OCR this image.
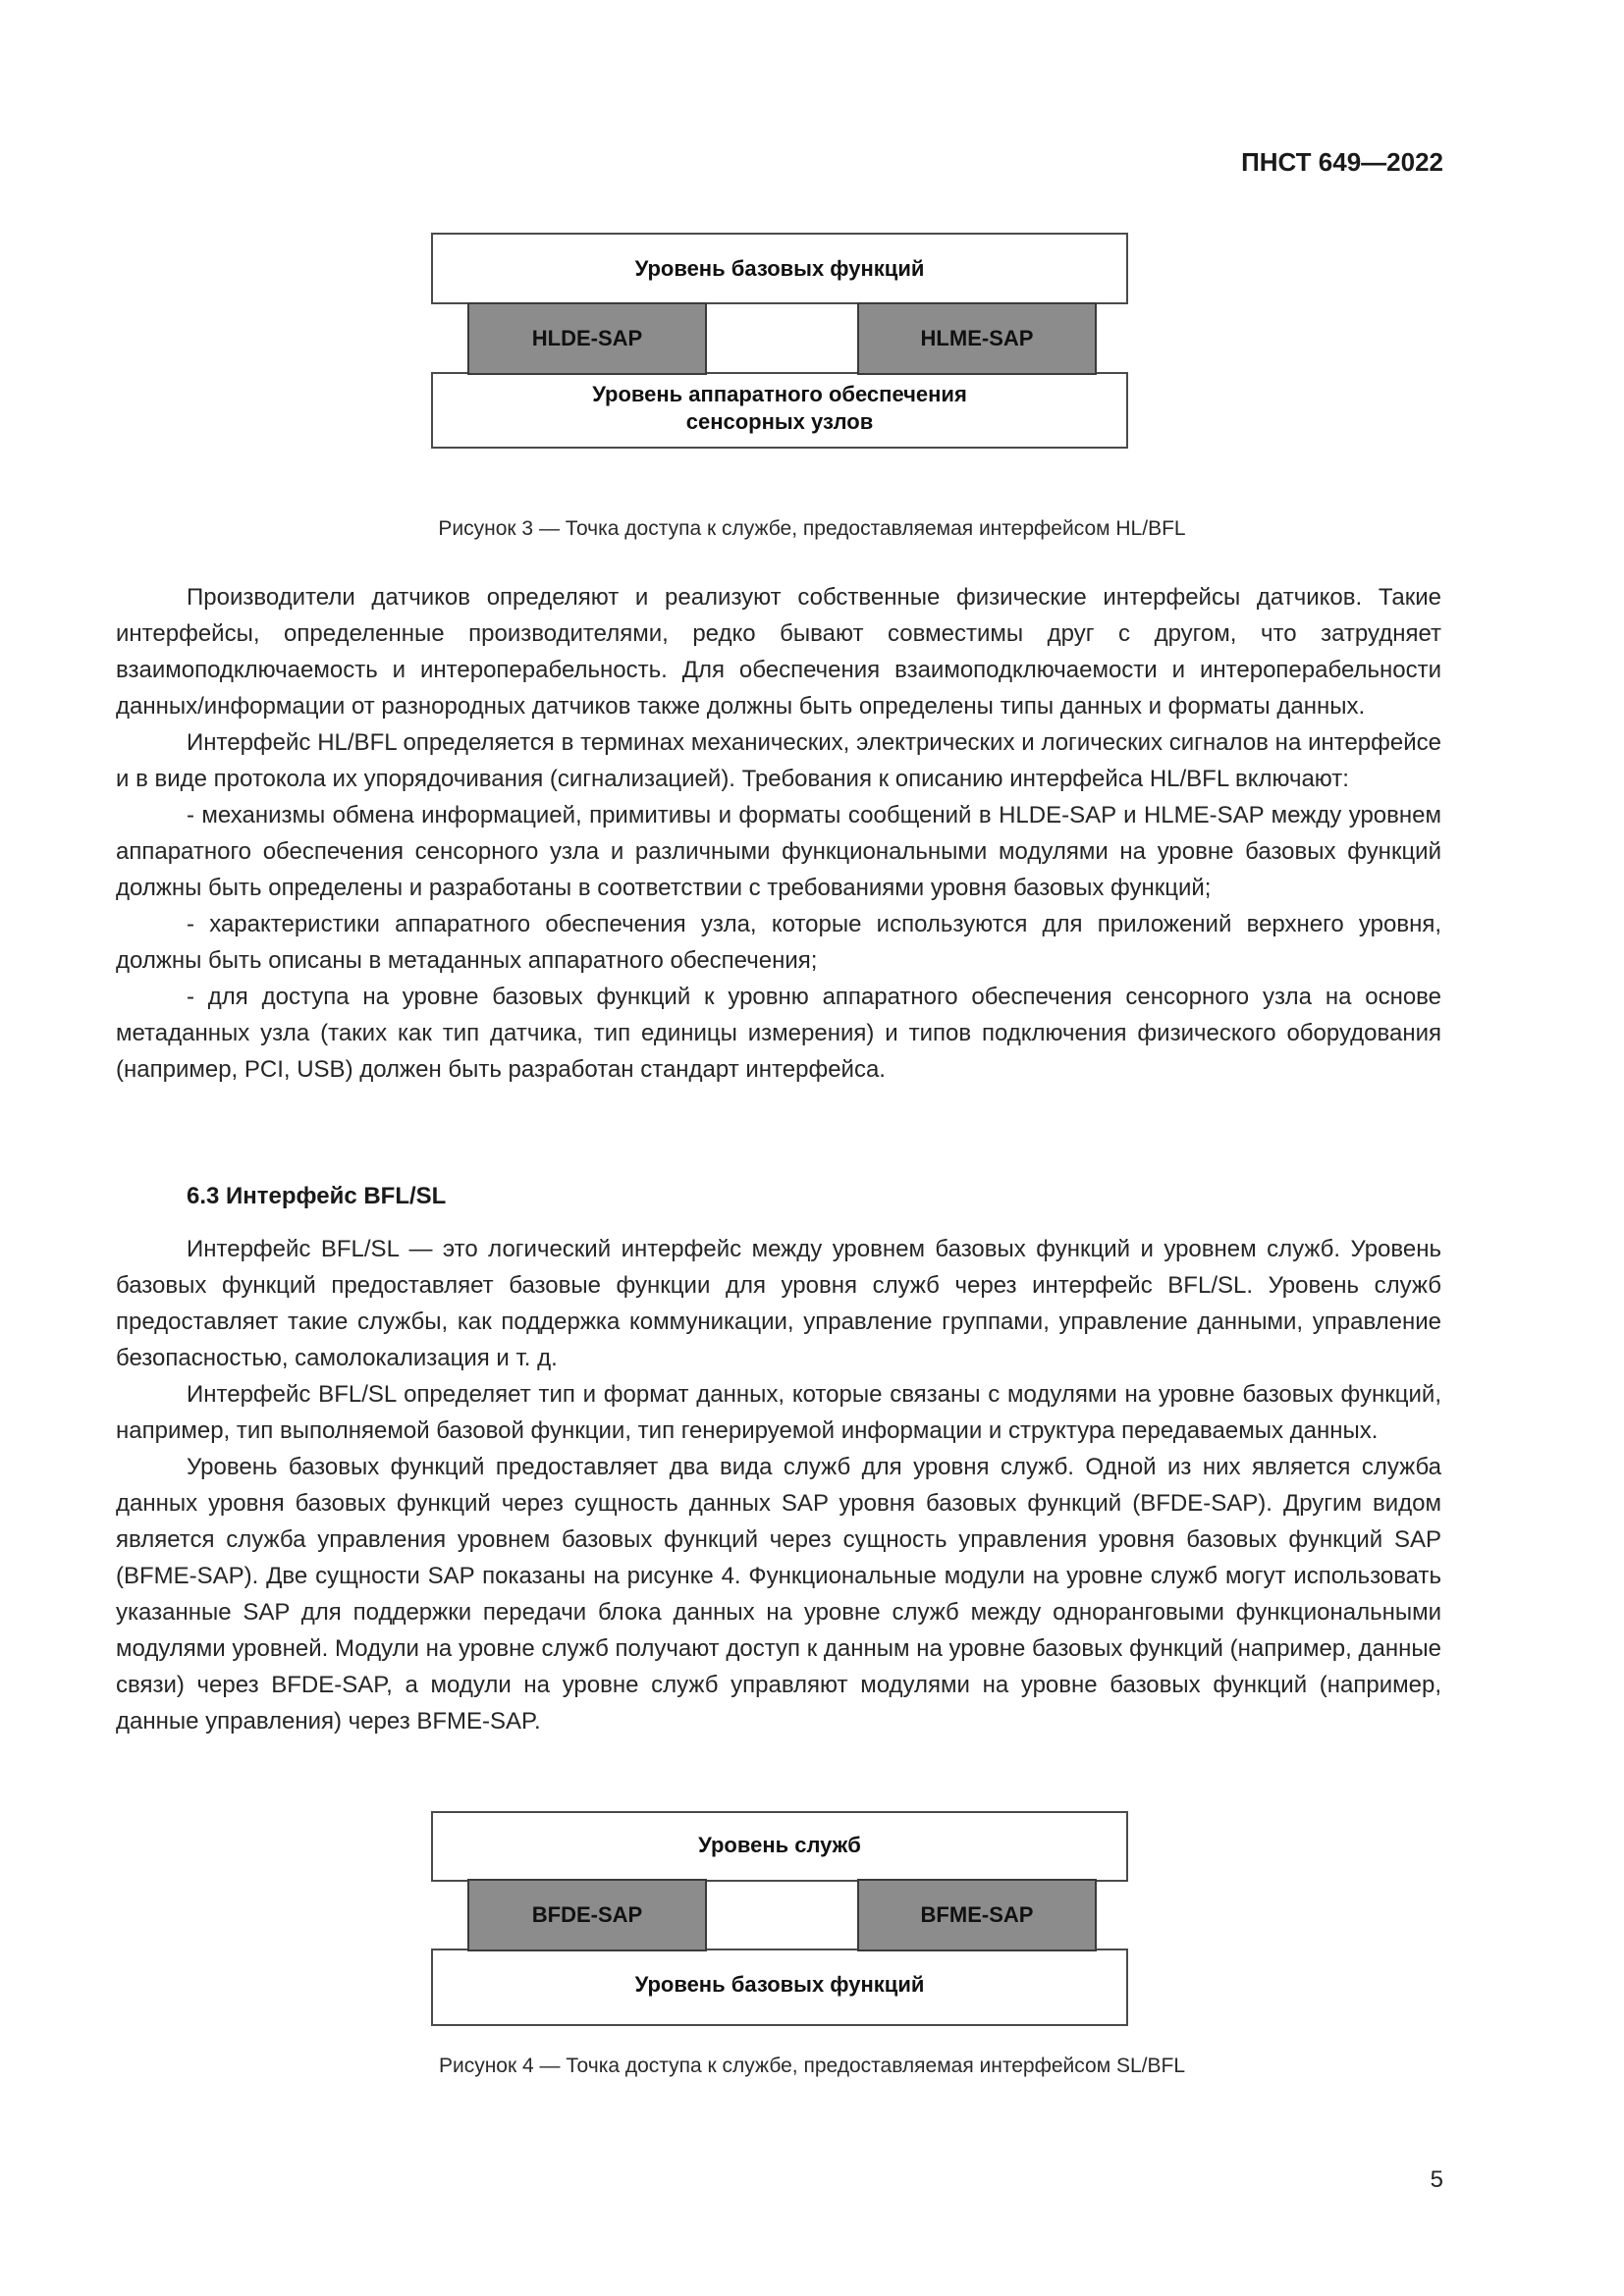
ПНСТ 649—2022
Уровень базовых функций
Уровень аппаратного обеспечения
сенсорных узлов
HLDE-SAP	HLME-SAP
Рисунок 3 — Точка доступа к службе, предоставляемая интерфейсом HL/BFL

Производители датчиков определяют и реализуют собственные физические интерфейсы датчиков. Такие интерфейсы, определенные производителями, редко бывают совместимы друг с другом, что затрудняет взаимоподключаемость и интероперабельность. Для обеспечения взаимоподключаемости и интероперабельности данных/информации от разнородных датчиков также должны быть определены типы данных и форматы данных.

Интерфейс HL/BFL определяется в терминах механических, электрических и логических сигналов на интерфейсе и в виде протокола их упорядочивания (сигнализацией). Требования к описанию интерфейса HL/BFL включают:

- механизмы обмена информацией, примитивы и форматы сообщений в HLDE-SAP и HLME-SAP между уровнем аппаратного обеспечения сенсорного узла и различными функциональными модулями на уровне базовых функций должны быть определены и разработаны в соответствии с требованиями уровня базовых функций;

- характеристики аппаратного обеспечения узла, которые используются для приложений верхнего уровня, должны быть описаны в метаданных аппаратного обеспечения;

- для доступа на уровне базовых функций к уровню аппаратного обеспечения сенсорного узла на основе метаданных узла (таких как тип датчика, тип единицы измерения) и типов подключения физического оборудования (например, PCI, USB) должен быть разработан стандарт интерфейса.

6.3 Интерфейс BFL/SL

Интерфейс BFL/SL — это логический интерфейс между уровнем базовых функций и уровнем служб. Уровень базовых функций предоставляет базовые функции для уровня служб через интерфейс BFL/SL. Уровень служб предоставляет такие службы, как поддержка коммуникации, управление группами, управление данными, управление безопасностью, самолокализация и т. д.

Интерфейс BFL/SL определяет тип и формат данных, которые связаны с модулями на уровне базовых функций, например, тип выполняемой базовой функции, тип генерируемой информации и структура передаваемых данных.

Уровень базовых функций предоставляет два вида служб для уровня служб. Одной из них является служба данных уровня базовых функций через сущность данных SAP уровня базовых функций (BFDE-SAP). Другим видом является служба управления уровнем базовых функций через сущность управления уровня базовых функций SAP (BFME-SAP). Две сущности SAP показаны на рисунке 4. Функциональные модули на уровне служб могут использовать указанные SAP для поддержки передачи блока данных на уровне служб между одноранговыми функциональными модулями уровней. Модули на уровне служб получают доступ к данным на уровне базовых функций (например, данные связи) через BFDE-SAP, а модули на уровне служб управляют модулями на уровне базовых функций (например, данные управления) через BFME-SAP.

Уровень служб
Уровень базовых функций
BFDE-SAP	BFME-SAP
Рисунок 4 — Точка доступа к службе, предоставляемая интерфейсом SL/BFL
5
